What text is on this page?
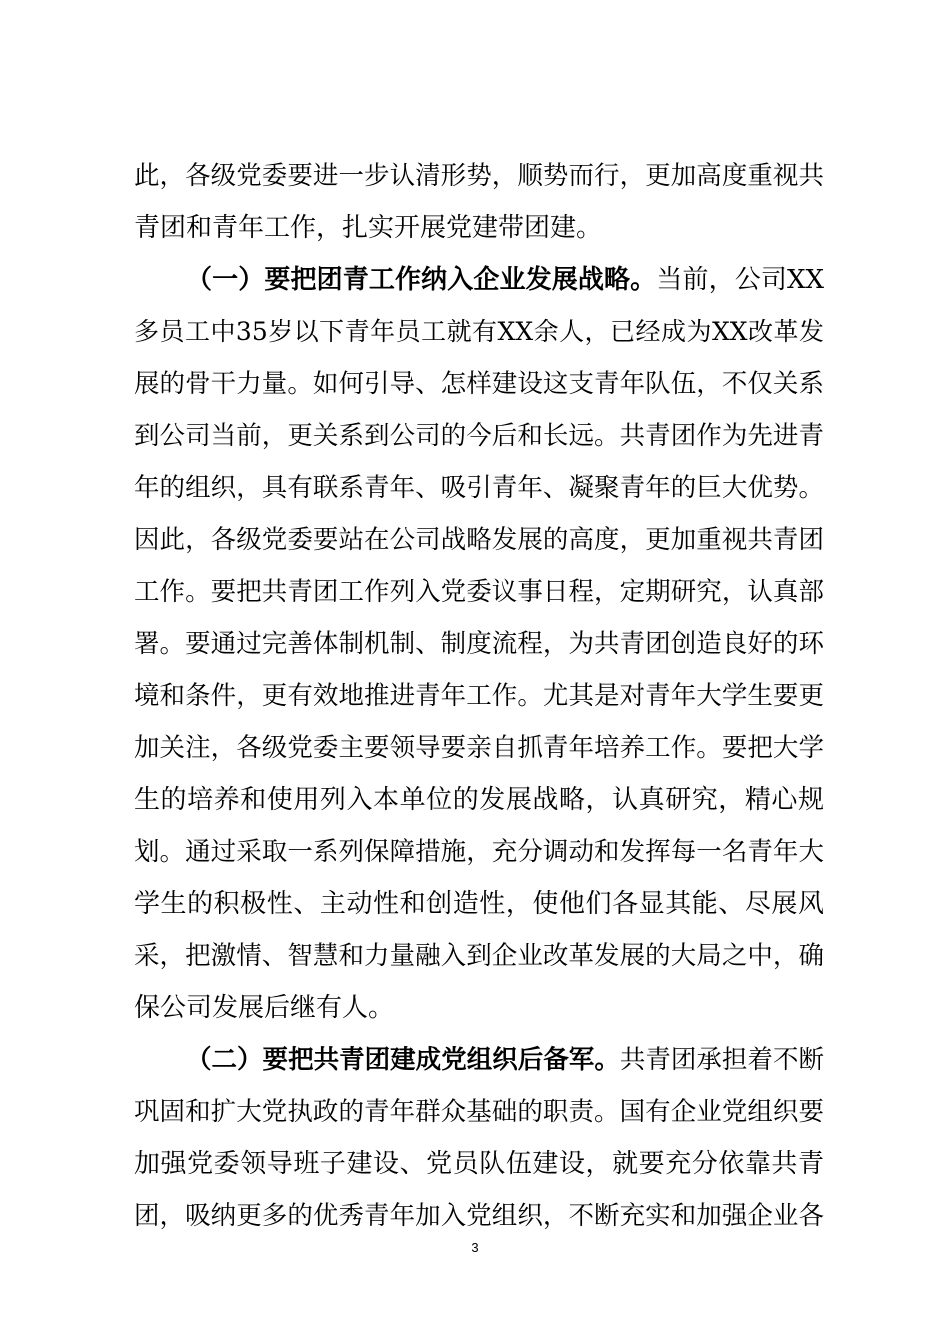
此，各级党委要进一步认清形势，顺势而行，更加高度重视共
青团和青年工作，扎实开展党建带团建。
（一）要把团青工作纳入企业发展战略。当前，公司XX
多员工中35岁以下青年员工就有XX余人，已经成为XX改革发
展的骨干力量。如何引导、怎样建设这支青年队伍，不仅关系
到公司当前，更关系到公司的今后和长远。共青团作为先进青
年的组织，具有联系青年、吸引青年、凝聚青年的巨大优势。
因此，各级党委要站在公司战略发展的高度，更加重视共青团
工作。要把共青团工作列入党委议事日程，定期研究，认真部
署。要通过完善体制机制、制度流程，为共青团创造良好的环
境和条件，更有效地推进青年工作。尤其是对青年大学生要更
加关注，各级党委主要领导要亲自抓青年培养工作。要把大学
生的培养和使用列入本单位的发展战略，认真研究，精心规
划。通过采取一系列保障措施，充分调动和发挥每一名青年大
学生的积极性、主动性和创造性，使他们各显其能、尽展风
采，把激情、智慧和力量融入到企业改革发展的大局之中，确
保公司发展后继有人。
（二）要把共青团建成党组织后备军。共青团承担着不断
巩固和扩大党执政的青年群众基础的职责。国有企业党组织要
加强党委领导班子建设、党员队伍建设，就要充分依靠共青
团，吸纳更多的优秀青年加入党组织，不断充实和加强企业各
3
